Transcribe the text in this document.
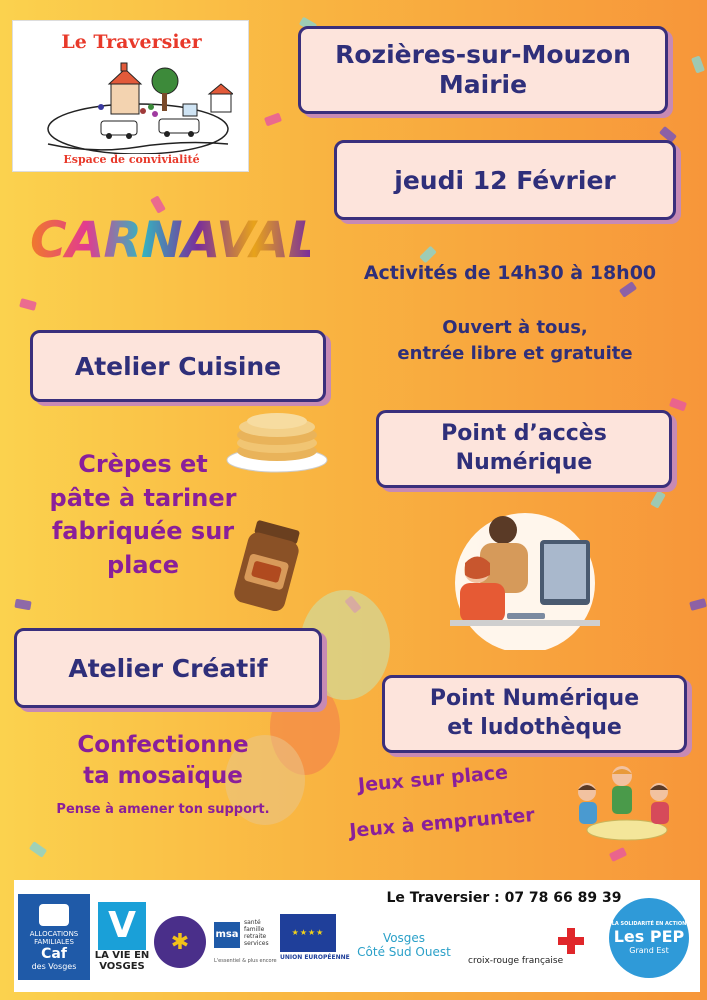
Le Traversier
Espace de convivialité
Rozières-sur-Mouzon
Mairie
jeudi 12 Février
CARNAVAL
Activités de 14h30 à 18h00
Ouvert à tous,
entrée libre et gratuite
Atelier Cuisine
Crèpes et
pâte à tariner
fabriquée sur
place
Point d’accès
Numérique
Atelier Créatif
Confectionne
ta mosaïque
Pense à amener ton support.
Point Numérique
et ludothèque
Jeux sur place
Jeux à emprunter
Le Traversier : 07 78 66 89 39
ALLOCATIONS
FAMILIALES
Caf
des Vosges
V
LA VIE EN
VOSGES
✱	msa
santé
famille
retraite
services
L'essentiel & plus encore
★★★★
UNION EUROPÉENNE
Vosges
Côté Sud Ouest
croix-rouge française
LA SOLIDARITÉ EN ACTION
Les PEP
Grand Est
